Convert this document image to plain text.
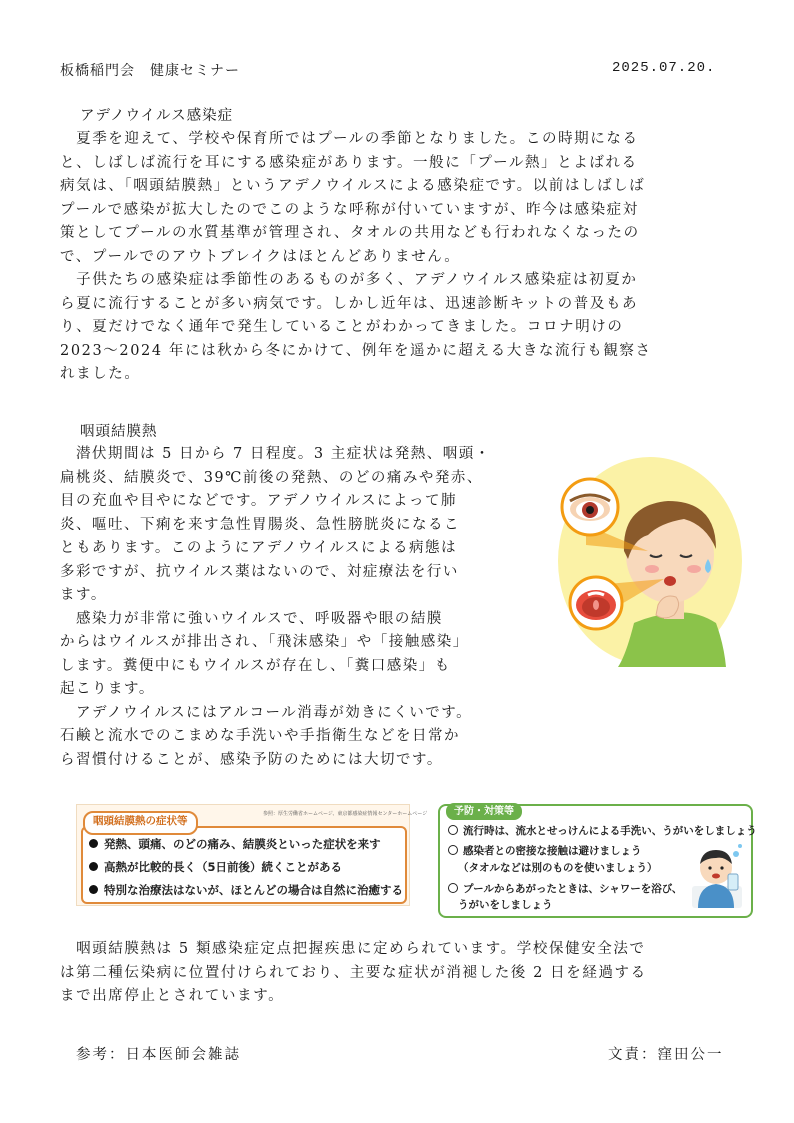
板橋稲門会　健康セミナー	2025.07.20.
アデノウイルス感染症
　夏季を迎えて、学校や保育所ではプールの季節となりました。この時期になる
と、しばしば流行を耳にする感染症があります。一般に「プール熱」とよばれる
病気は、「咽頭結膜熱」というアデノウイルスによる感染症です。以前はしばしば
プールで感染が拡大したのでこのような呼称が付いていますが、昨今は感染症対
策としてプールの水質基準が管理され、タオルの共用なども行われなくなったの
で、プールでのアウトブレイクはほとんどありません。
　子供たちの感染症は季節性のあるものが多く、アデノウイルス感染症は初夏か
ら夏に流行することが多い病気です。しかし近年は、迅速診断キットの普及もあ
り、夏だけでなく通年で発生していることがわかってきました。コロナ明けの
2023～2024 年には秋から冬にかけて、例年を遥かに超える大きな流行も観察さ
れました。
咽頭結膜熱
　潜伏期間は 5 日から 7 日程度。3 主症状は発熱、咽頭・
扁桃炎、結膜炎で、39℃前後の発熱、のどの痛みや発赤、
目の充血や目やになどです。アデノウイルスによって肺
炎、嘔吐、下痢を来す急性胃腸炎、急性膀胱炎になるこ
ともあります。このようにアデノウイルスによる病態は
多彩ですが、抗ウイルス薬はないので、対症療法を行い
ます。
　感染力が非常に強いウイルスで、呼吸器や眼の結膜
からはウイルスが排出され、「飛沫感染」や「接触感染」
します。糞便中にもウイルスが存在し、「糞口感染」も
起こります。
　アデノウイルスにはアルコール消毒が効きにくいです。
石鹸と流水でのこまめな手洗いや手指衛生などを日常か
ら習慣付けることが、感染予防のためには大切です。
発熱、頭痛、のどの痛み、結膜炎といった症状を来す
高熱が比較的長く（5日前後）続くことがある
特別な治療法はないが、ほとんどの場合は自然に治癒する
咽頭結膜熱の症状等
参照：厚生労働省ホームページ、東京都感染症情報センターホームページ	予防・対策等
流行時は、流水とせっけんによる手洗い、うがいをしましょう
感染者との密接な接触は避けましょう
（タオルなどは別のものを使いましょう）
プールからあがったときは、シャワーを浴び、
うがいをしましょう
　咽頭結膜熱は 5 類感染症定点把握疾患に定められています。学校保健安全法で
は第二種伝染病に位置付けられており、主要な症状が消褪した後 2 日を経過する
まで出席停止とされています。
参考：日本医師会雑誌	文責：窪田公一
